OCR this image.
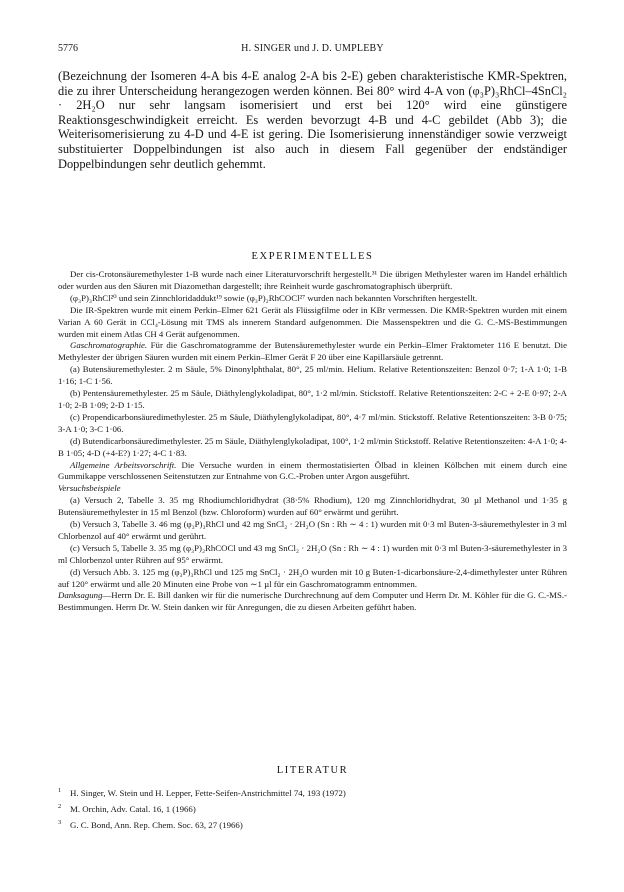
5776	H. SINGER und J. D. UMPLEBY
(Bezeichnung der Isomeren 4-A bis 4-E analog 2-A bis 2-E) geben charakteristische KMR-Spektren, die zu ihrer Unterscheidung herangezogen werden können. Bei 80° wird 4-A von (φ₃P)₃RhCl–4SnCl₂ · 2H₂O nur sehr langsam isomerisiert und erst bei 120° wird eine günstigere Reaktionsgeschwindigkeit erreicht. Es werden bevorzugt 4-B und 4-C gebildet (Abb 3); die Weiterisomerisierung zu 4-D und 4-E ist gering. Die Isomerisierung innenständiger sowie verzweigt substituierter Doppelbindungen ist also auch in diesem Fall gegenüber der endständiger Doppelbindungen sehr deutlich gehemmt.
EXPERIMENTELLES

Der cis-Crotonsäuremethylester 1-B wurde nach einer Literaturvorschrift hergestellt.³¹ Die übrigen Methylester waren im Handel erhältlich oder wurden aus den Säuren mit Diazomethan dargestellt; ihre Reinheit wurde gaschromatographisch überprüft.

(φ₃P)₃RhCl²⁰ und sein Zinnchloridaddukt¹⁹ sowie (φ₃P)₂RhCOCl²⁷ wurden nach bekannten Vorschriften hergestellt.

Die IR-Spektren wurde mit einem Perkin–Elmer 621 Gerät als Flüssigfilme oder in KBr vermessen. Die KMR-Spektren wurden mit einem Varian A 60 Gerät in CCl₄-Lösung mit TMS als innerem Standard aufgenommen. Die Massenspektren und die G. C.-MS-Bestimmungen wurden mit einem Atlas CH 4 Gerät aufgenommen.

Gaschromatographie. Für die Gaschromatogramme der Butensäuremethylester wurde ein Perkin–Elmer Fraktometer 116 E benutzt. Die Methylester der übrigen Säuren wurden mit einem Perkin–Elmer Gerät F 20 über eine Kapillarsäule getrennt.

(a) Butensäuremethylester. 2 m Säule, 5% Dinonylphthalat, 80°, 25 ml/min. Helium. Relative Retentionszeiten: Benzol 0·7; 1-A 1·0; 1-B 1·16; 1-C 1·56.

(b) Pentensäuremethylester. 25 m Säule, Diäthylenglykoladipat, 80°, 1·2 ml/min. Stickstoff. Relative Retentionszeiten: 2-C + 2-E 0·97; 2-A 1·0; 2-B 1·09; 2-D 1·15.

(c) Propendicarbonsäuredimethylester. 25 m Säule, Diäthylenglykoladipat, 80°, 4·7 ml/min. Stickstoff. Relative Retentionszeiten: 3-B 0·75; 3-A 1·0; 3-C 1·06.

(d) Butendicarbonsäuredimethylester. 25 m Säule, Diäthylenglykoladipat, 100°, 1·2 ml/min Stickstoff. Relative Retentionszeiten: 4-A 1·0; 4-B 1·05; 4-D (+4-E?) 1·27; 4-C 1·83.

Allgemeine Arbeitsvorschrift. Die Versuche wurden in einem thermostatisierten Ölbad in kleinen Kölbchen mit einem durch eine Gummikappe verschlossenen Seitenstutzen zur Entnahme von G.C.-Proben unter Argon ausgeführt.

Versuchsbeispiele

(a) Versuch 2, Tabelle 3. 35 mg Rhodiumchloridhydrat (38·5% Rhodium), 120 mg Zinnchloridhydrat, 30 µl Methanol und 1·35 g Butensäuremethylester in 15 ml Benzol (bzw. Chloroform) wurden auf 60° erwärmt und gerührt.

(b) Versuch 3, Tabelle 3. 46 mg (φ₃P)₃RhCl und 42 mg SnCl₂ · 2H₂O (Sn : Rh ∼ 4 : 1) wurden mit 0·3 ml Buten-3-säuremethylester in 3 ml Chlorbenzol auf 40° erwärmt und gerührt.

(c) Versuch 5, Tabelle 3. 35 mg (φ₃P)₂RhCOCl und 43 mg SnCl₂ · 2H₂O (Sn : Rh ∼ 4 : 1) wurden mit 0·3 ml Buten-3-säuremethylester in 3 ml Chlorbenzol unter Rühren auf 95° erwärmt.

(d) Versuch Abb. 3. 125 mg (φ₃P)₃RhCl und 125 mg SnCl₂ · 2H₂O wurden mit 10 g Buten-1-dicarbonsäure-2,4-dimethylester unter Rühren auf 120° erwärmt und alle 20 Minuten eine Probe von ∼1 µl für ein Gaschromatogramm entnommen.

Danksagung—Herrn Dr. E. Bill danken wir für die numerische Durchrechnung auf dem Computer und Herrn Dr. M. Köhler für die G. C.-MS.-Bestimmungen. Herrn Dr. W. Stein danken wir für Anregungen, die zu diesen Arbeiten geführt haben.

LITERATUR
1 H. Singer, W. Stein und H. Lepper, Fette-Seifen-Anstrichmittel 74, 193 (1972)
2 M. Orchin, Adv. Catal. 16, 1 (1966)
3 G. C. Bond, Ann. Rep. Chem. Soc. 63, 27 (1966)
